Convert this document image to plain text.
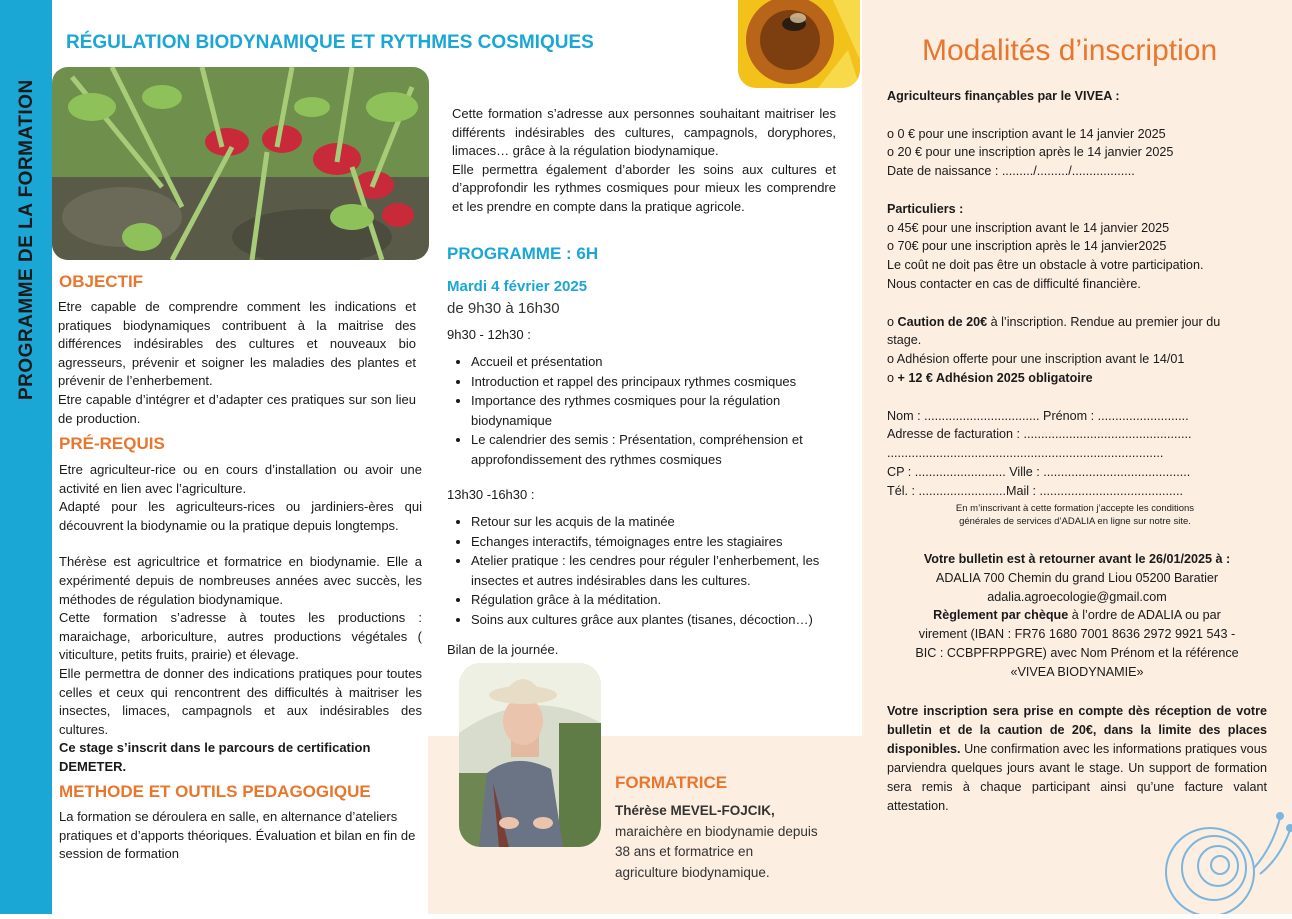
PROGRAMME DE LA FORMATION
RÉGULATION BIODYNAMIQUE ET RYTHMES COSMIQUES

Cette formation s’adresse aux personnes souhaitant maitriser les différents indésirables des cultures, campagnols, doryphores, limaces… grâce à la régulation biodynamique.

Elle permettra également d’aborder les soins aux cultures et d’approfondir les rythmes cosmiques pour mieux les comprendre et les prendre en compte dans la pratique agricole.

OBJECTIF

Etre capable de comprendre comment les indications et pratiques biodynamiques contribuent à la maitrise des différences indésirables des cultures et nouveaux bio agresseurs, prévenir et soigner les maladies des plantes et prévenir de l’enherbement.

Etre capable d’intégrer et d’adapter ces pratiques sur son lieu de production.

PRÉ-REQUIS

Etre agriculteur-rice ou en cours d’installation ou avoir une activité en lien avec l’agriculture.

Adapté pour les agriculteurs-rices ou jardiniers-ères qui découvrent la biodynamie ou la pratique depuis longtemps.

Thérèse est agricultrice et formatrice en biodynamie. Elle a expérimenté depuis de nombreuses années avec succès, les méthodes de régulation biodynamique.

Cette formation s’adresse à toutes les productions : maraichage, arboriculture, autres productions végétales ( viticulture, petits fruits, prairie) et élevage.

Elle permettra de donner des indications pratiques pour toutes celles et ceux qui rencontrent des difficultés à maitriser les insectes, limaces, campagnols et aux indésirables des cultures.

Ce stage s’inscrit dans le parcours de certification DEMETER.

METHODE ET OUTILS PEDAGOGIQUE

La formation se déroulera en salle, en alternance d’ateliers pratiques et d’apports théoriques. Évaluation et bilan en fin de session de formation

PROGRAMME : 6H
Mardi 4 février 2025
de 9h30 à 16h30
9h30 - 12h30 :
• Accueil et présentation
• Introduction et rappel des principaux rythmes cosmiques
• Importance des rythmes cosmiques pour la régulation biodynamique
• Le calendrier des semis : Présentation, compréhension et approfondissement des rythmes cosmiques
13h30 -16h30 :
• Retour sur les acquis de la matinée
• Echanges interactifs, témoignages entre les stagiaires
• Atelier pratique : les cendres pour réguler l’enherbement, les insectes et autres indésirables dans les cultures.
• Régulation grâce à la méditation.
• Soins aux cultures grâce aux plantes (tisanes, décoction…)
Bilan de la journée.
FORMATRICE
Thérèse MEVEL-FOJCIK,
maraichère en biodynamie depuis
38 ans et formatrice en
agriculture biodynamique.
Modalités d’inscription

Agriculteurs finançables par le VIVEA :

o 0 € pour une inscription avant le 14 janvier 2025

o 20 € pour une inscription après le 14 janvier 2025

Date de naissance : ........./........./..................

Particuliers :

o 45€ pour une inscription avant le 14 janvier 2025

o 70€ pour une inscription après le 14 janvier2025

Le coût ne doit pas être un obstacle à votre participation.

Nous contacter en cas de difficulté financière.

o Caution de 20€ à l’inscription. Rendue au premier jour du

stage.

o Adhésion offerte pour une inscription avant le 14/01

o + 12 € Adhésion 2025 obligatoire

Nom : ................................. Prénom : ..........................

Adresse de facturation : ................................................

...............................................................................

CP : .......................... Ville : ..........................................

Tél. : .........................Mail : .........................................

En m’inscrivant à cette formation j’accepte les conditions
générales de services d’ADALIA en ligne sur notre site.
Votre bulletin est à retourner avant le 26/01/2025 à :
ADALIA 700 Chemin du grand Liou 05200 Baratier
adalia.agroecologie@gmail.com
Règlement par chèque à l’ordre de ADALIA ou par
virement (IBAN : FR76 1680 7001 8636 2972 9921 543 -
BIC : CCBPFRPPGRE) avec Nom Prénom et la référence
«VIVEA BIODYNAMIE»
Votre inscription sera prise en compte dès réception de votre bulletin et de la caution de 20€, dans la limite des places disponibles. Une confirmation avec les informations pratiques vous parviendra quelques jours avant le stage. Un support de formation sera remis à chaque participant ainsi qu’une facture valant attestation.
